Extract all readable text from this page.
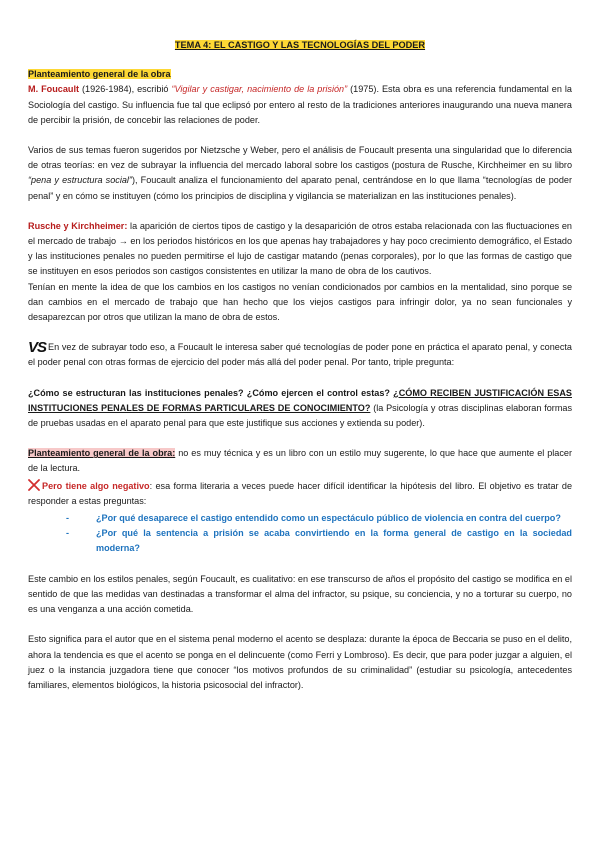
TEMA 4: EL CASTIGO Y LAS TECNOLOGÍAS DEL PODER
Planteamiento general de la obra

M. Foucault (1926-1984), escribió “Vigilar y castigar, nacimiento de la prisión” (1975). Esta obra es una referencia fundamental en la Sociología del castigo. Su influencia fue tal que eclipsó por entero al resto de la tradiciones anteriores inaugurando una nueva manera de percibir la prisión, de concebir las relaciones de poder.

Varios de sus temas fueron sugeridos por Nietzsche y Weber, pero el análisis de Foucault presenta una singularidad que lo diferencia de otras teorías: en vez de subrayar la influencia del mercado laboral sobre los castigos (postura de Rusche, Kirchheimer en su libro “pena y estructura social”), Foucault analiza el funcionamiento del aparato penal, centrándose en lo que llama “tecnologías de poder penal” y en cómo se instituyen (cómo los principios de disciplina y vigilancia se materializan en las instituciones penales).

Rusche y Kirchheimer: la aparición de ciertos tipos de castigo y la desaparición de otros estaba relacionada con las fluctuaciones en el mercado de trabajo → en los periodos históricos en los que apenas hay trabajadores y hay poco crecimiento demográfico, el Estado y las instituciones penales no pueden permitirse el lujo de castigar matando (penas corporales), por lo que las formas de castigo que se instituyen en esos periodos son castigos consistentes en utilizar la mano de obra de los cautivos.

Tenían en mente la idea de que los cambios en los castigos no venían condicionados por cambios en la mentalidad, sino porque se dan cambios en el mercado de trabajo que han hecho que los viejos castigos para infringir dolor, ya no sean funcionales y desaparezcan por otros que utilizan la mano de obra de estos.

VS En vez de subrayar todo eso, a Foucault le interesa saber qué tecnologías de poder pone en práctica el aparato penal, y conecta el poder penal con otras formas de ejercicio del poder más allá del poder penal. Por tanto, triple pregunta:

¿Cómo se estructuran las instituciones penales? ¿Cómo ejercen el control estas? ¿CÓMO RECIBEN JUSTIFICACIÓN ESAS INSTITUCIONES PENALES DE FORMAS PARTICULARES DE CONOCIMIENTO? (la Psicología y otras disciplinas elaboran formas de pruebas usadas en el aparato penal para que este justifique sus acciones y extienda su poder).

Planteamiento general de la obra: no es muy técnica y es un libro con un estilo muy sugerente, lo que hace que aumente el placer de la lectura.

Pero tiene algo negativo: esa forma literaria a veces puede hacer difícil identificar la hipótesis del libro. El objetivo es tratar de responder a estas preguntas:

- ¿Por qué desaparece el castigo entendido como un espectáculo público de violencia en contra del cuerpo?
- ¿Por qué la sentencia a prisión se acaba convirtiendo en la forma general de castigo en la sociedad moderna?

Este cambio en los estilos penales, según Foucault, es cualitativo: en ese transcurso de años el propósito del castigo se modifica en el sentido de que las medidas van destinadas a transformar el alma del infractor, su psique, su conciencia, y no a torturar su cuerpo, no es una venganza a una acción cometida.

Esto significa para el autor que en el sistema penal moderno el acento se desplaza: durante la época de Beccaria se puso en el delito, ahora la tendencia es que el acento se ponga en el delincuente (como Ferri y Lombroso). Es decir, que para poder juzgar a alguien, el juez o la instancia juzgadora tiene que conocer “los motivos profundos de su criminalidad” (estudiar su psicología, antecedentes familiares, elementos biológicos, la historia psicosocial del infractor).
